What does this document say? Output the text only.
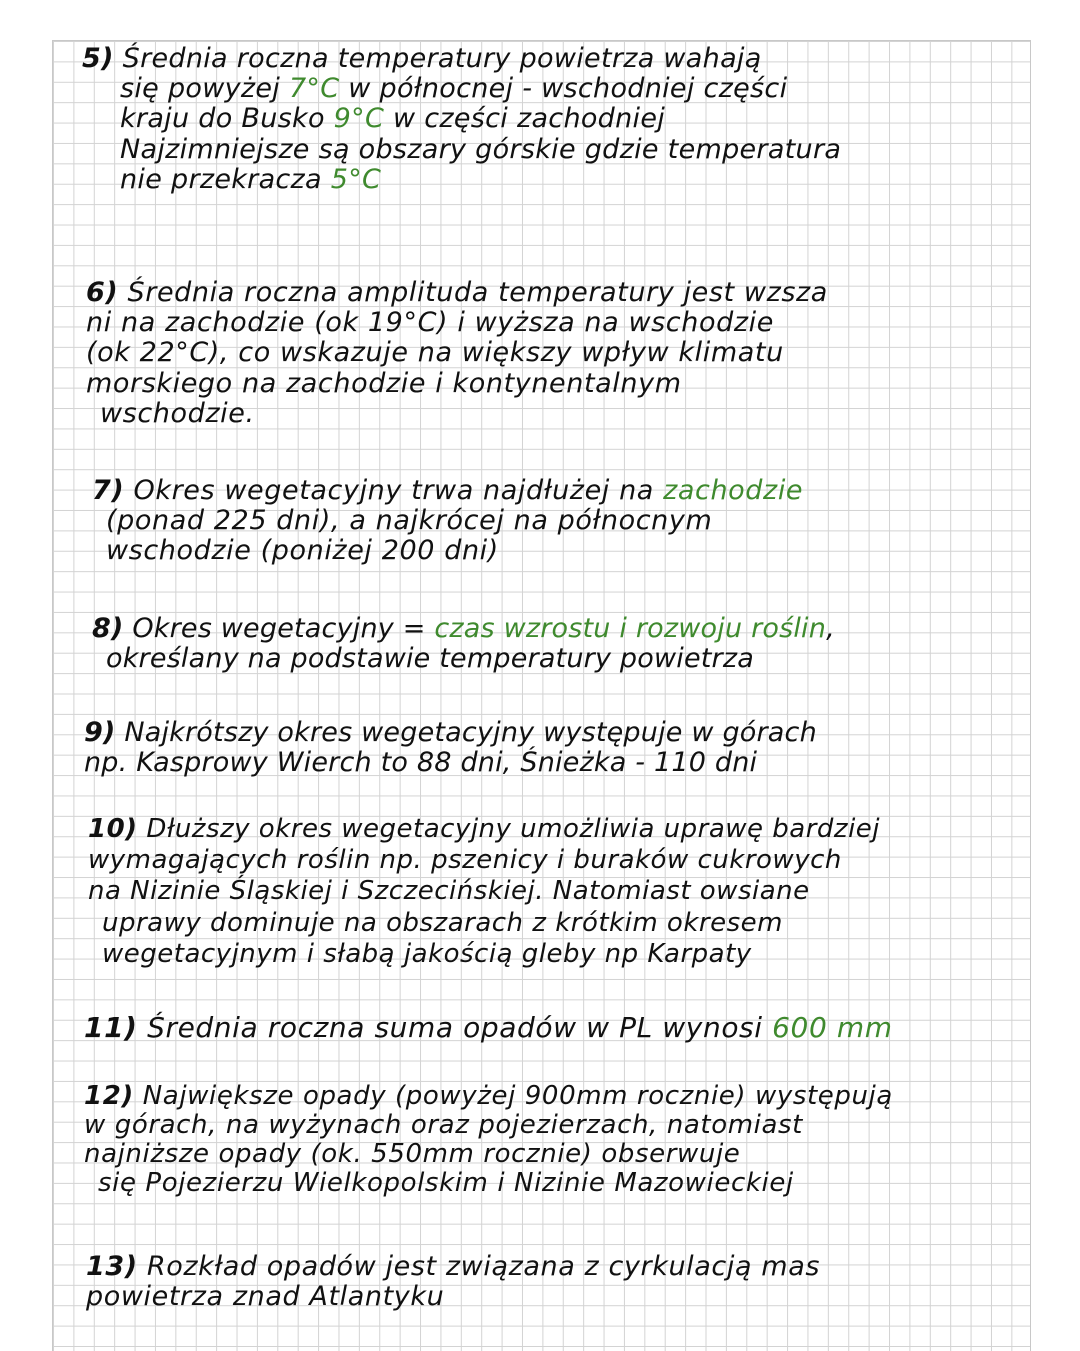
5) Średnia roczna temperatury powietrza wahają
się powyżej 7°C w północnej - wschodniej części
kraju do Busko 9°C w części zachodniej
Najzimniejsze są obszary górskie gdzie temperatura
nie przekracza 5°C
6) Średnia roczna amplituda temperatury jest wzsza
ni na zachodzie (ok 19°C) i wyższa na wschodzie
(ok 22°C), co wskazuje na większy wpływ klimatu
morskiego na zachodzie i kontynentalnym
wschodzie.
7) Okres wegetacyjny trwa najdłużej na zachodzie
(ponad 225 dni), a najkrócej na północnym
wschodzie (poniżej 200 dni)
8) Okres wegetacyjny = czas wzrostu i rozwoju roślin,
określany na podstawie temperatury powietrza
9) Najkrótszy okres wegetacyjny występuje w górach
np. Kasprowy Wierch to 88 dni, Śnieżka - 110 dni
10) Dłuższy okres wegetacyjny umożliwia uprawę bardziej
wymagających roślin np. pszenicy i buraków cukrowych
na Nizinie Śląskiej i Szczecińskiej. Natomiast owsiane
uprawy dominuje na obszarach z krótkim okresem
wegetacyjnym i słabą jakością gleby np Karpaty
11) Średnia roczna suma opadów w PL wynosi 600 mm
12) Największe opady (powyżej 900mm rocznie) występują
w górach, na wyżynach oraz pojezierzach, natomiast
najniższe opady (ok. 550mm rocznie) obserwuje
się Pojezierzu Wielkopolskim i Nizinie Mazowieckiej
13) Rozkład opadów jest związana z cyrkulacją mas
powietrza znad Atlantyku
